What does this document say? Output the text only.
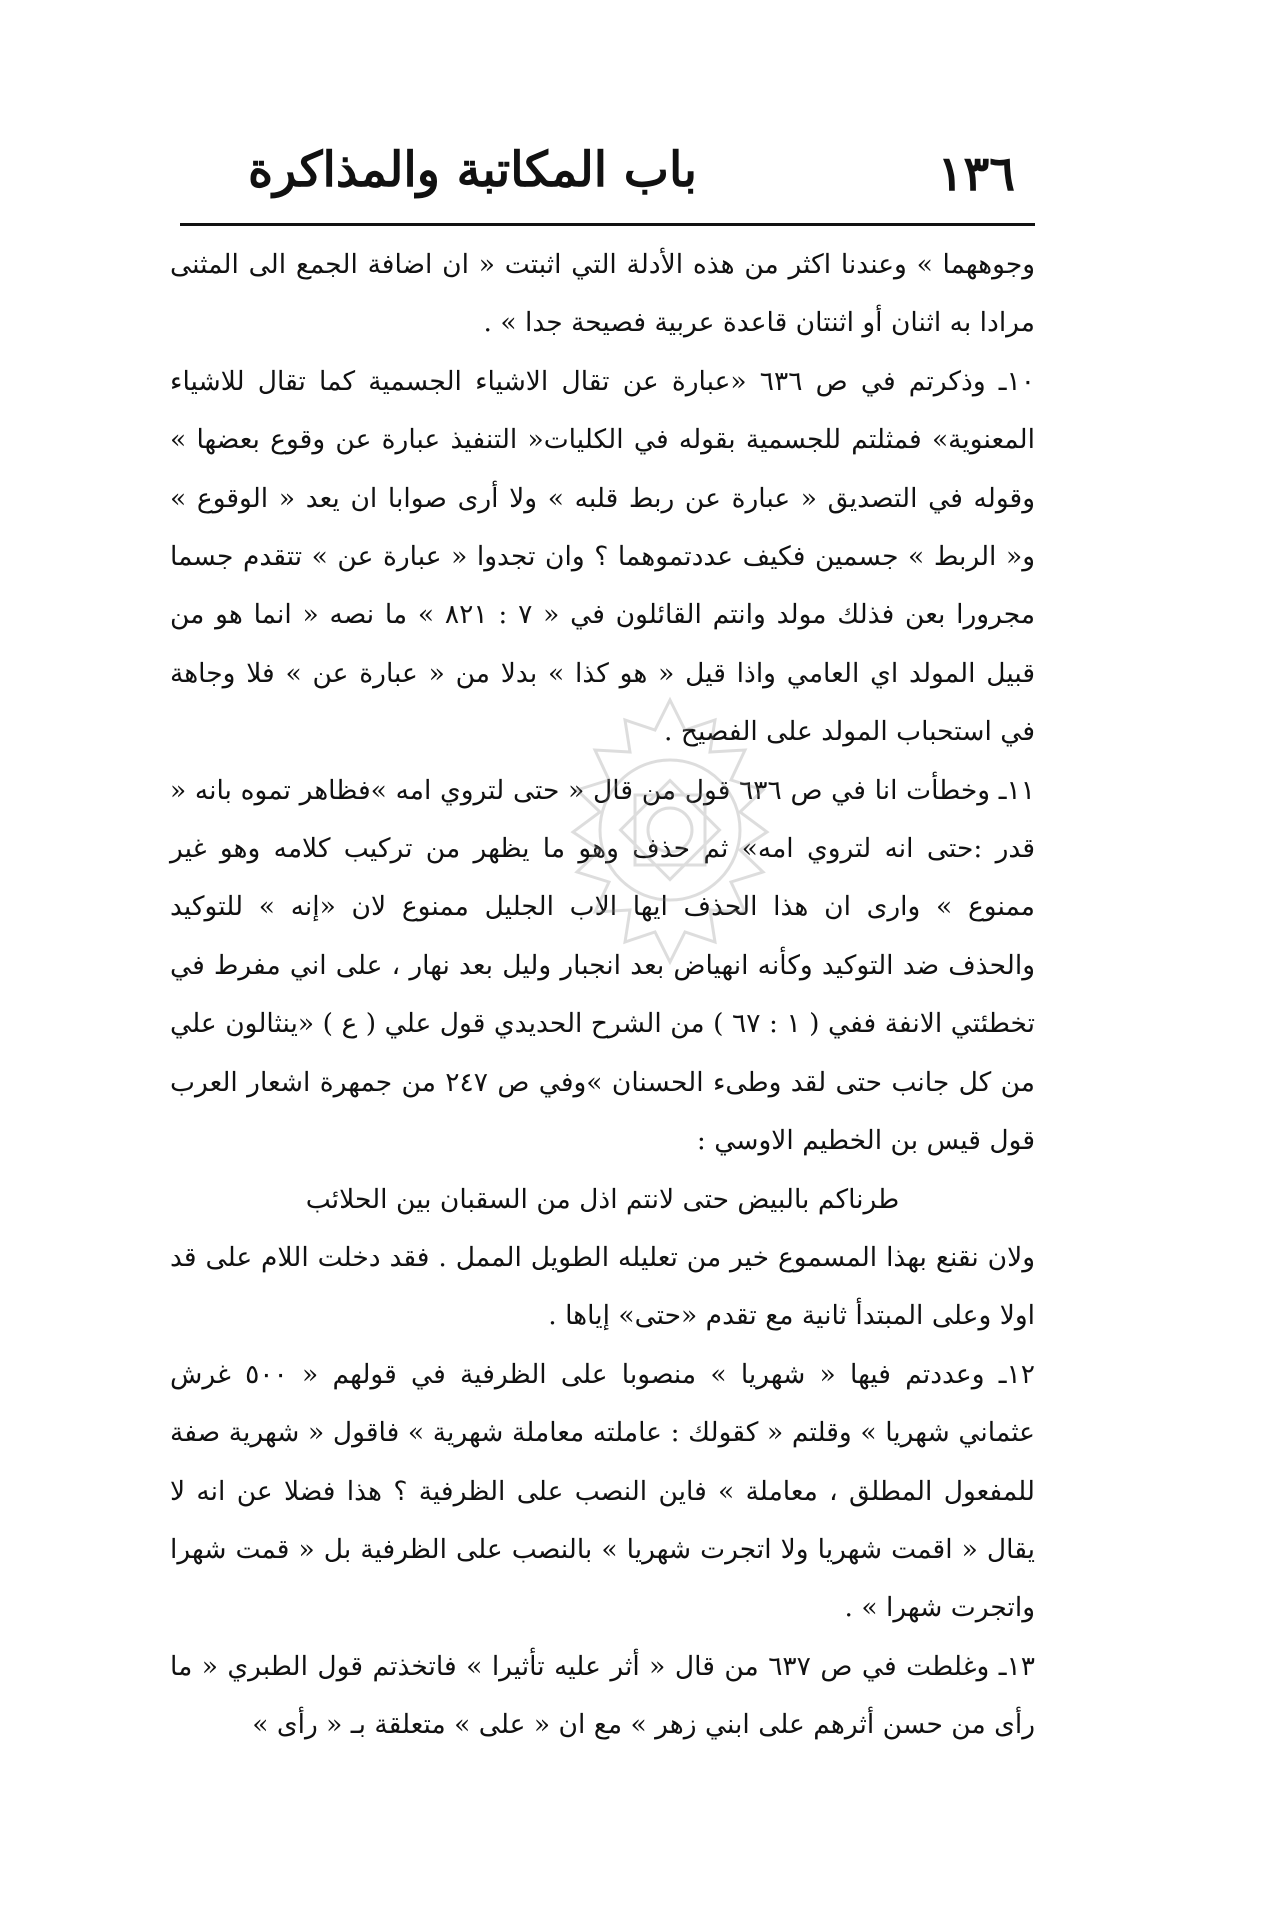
١٣٦
باب المكاتبة والمذاكرة

وجوههما » وعندنا اكثر من هذه الأدلة التي اثبتت « ان اضافة الجمع الى المثنى مرادا به اثنان أو اثنتان قاعدة عربية فصيحة جدا » .

١٠ـ وذكرتم في ص ٦٣٦ «عبارة عن تقال الاشياء الجسمية كما تقال للاشياء المعنوية» فمثلتم للجسمية بقوله في الكليات« التنفيذ عبارة عن وقوع بعضها » وقوله في التصديق « عبارة عن ربط قلبه » ولا أرى صوابا ان يعد « الوقوع » و« الربط » جسمين فكيف عددتموهما ؟ وان تجدوا « عبارة عن » تتقدم جسما مجرورا بعن فذلك مولد وانتم القائلون في « ٧ : ٨٢١ » ما نصه « انما هو من قبيل المولد اي العامي واذا قيل « هو كذا » بدلا من « عبارة عن » فلا وجاهة في استحباب المولد على الفصيح .

١١ـ وخطأت انا في ص ٦٣٦ قول من قال « حتى لتروي امه »فظاهر تموه بانه « قدر :حتى انه لتروي امه» ثم حذف وهو ما يظهر من تركيب كلامه وهو غير ممنوع » وارى ان هذا الحذف ايها الاب الجليل ممنوع لان «إنه » للتوكيد والحذف ضد التوكيد وكأنه انهياض بعد انجبار وليل بعد نهار ، على اني مفرط في تخطئتي الانفة ففي ( ١ : ٦٧ ) من الشرح الحديدي قول علي ( ع ) «ينثالون علي من كل جانب حتى لقد وطىء الحسنان »وفي ص ٢٤٧ من جمهرة اشعار العرب قول قيس بن الخطيم الاوسي :

طرناكم بالبيض حتى لانتم اذل من السقبان بين الحلائب

ولان نقنع بهذا المسموع خير من تعليله الطويل الممل . فقد دخلت اللام على قد اولا وعلى المبتدأ ثانية مع تقدم «حتى» إياها .

١٢ـ وعددتم فيها « شهريا » منصوبا على الظرفية في قولهم « ٥٠٠ غرش عثماني شهريا » وقلتم « كقولك : عاملته معاملة شهرية » فاقول « شهرية صفة للمفعول المطلق ، معاملة » فاين النصب على الظرفية ؟ هذا فضلا عن انه لا يقال « اقمت شهريا ولا اتجرت شهريا » بالنصب على الظرفية بل « قمت شهرا واتجرت شهرا » .

١٣ـ وغلطت في ص ٦٣٧ من قال « أثر عليه تأثيرا » فاتخذتم قول الطبري « ما رأى من حسن أثرهم على ابني زهر » مع ان « على » متعلقة بـ « رأى »
